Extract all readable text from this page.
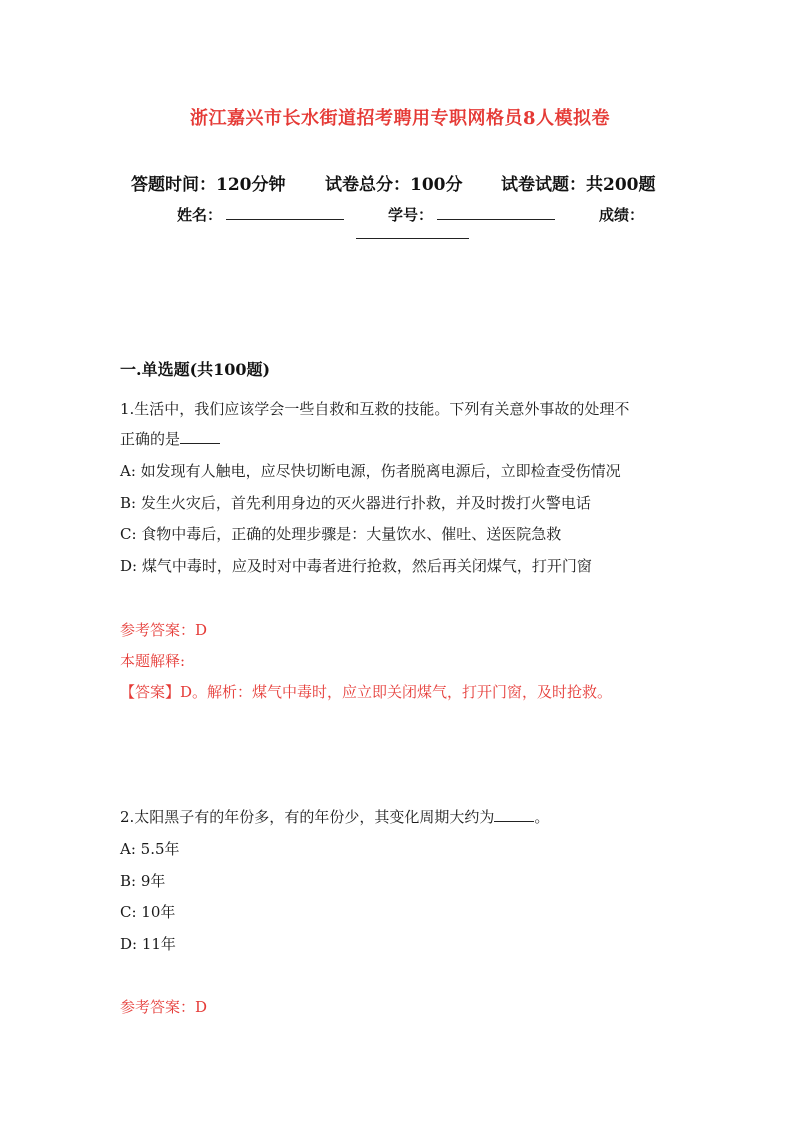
浙江嘉兴市长水街道招考聘用专职网格员8人模拟卷
答题时间：120分钟 试卷总分：100分 试卷试题：共200题
姓名：	学号：	成绩：
一.单选题(共100题)
1.生活中，我们应该学会一些自救和互救的技能。下列有关意外事故的处理不
正确的是
A: 如发现有人触电，应尽快切断电源，伤者脱离电源后，立即检查受伤情况
B: 发生火灾后，首先利用身边的灭火器进行扑救，并及时拨打火警电话
C: 食物中毒后，正确的处理步骤是：大量饮水、催吐、送医院急救
D: 煤气中毒时，应及时对中毒者进行抢救，然后再关闭煤气，打开门窗
参考答案：D
本题解释:
【答案】D。解析：煤气中毒时，应立即关闭煤气，打开门窗，及时抢救。
2.太阳黑子有的年份多，有的年份少，其变化周期大约为	。
A: 5.5年
B: 9年
C: 10年
D: 11年
参考答案：D
